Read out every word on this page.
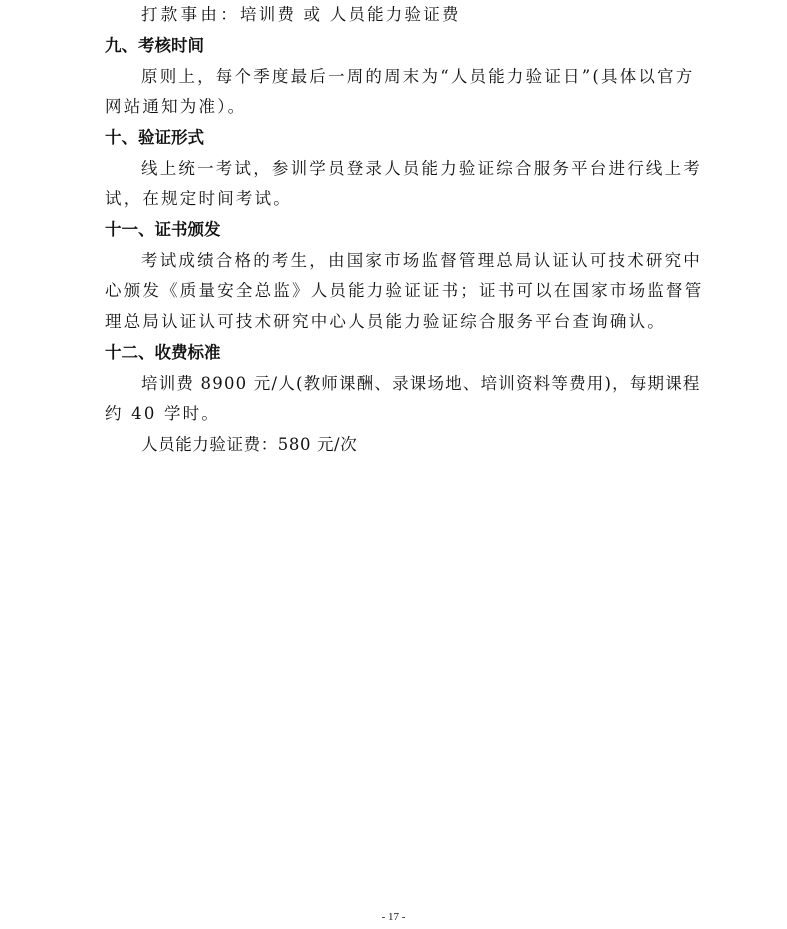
打款事由：培训费 或 人员能力验证费
九、考核时间
原则上，每个季度最后一周的周末为“人员能力验证日”(具体以官方
网站通知为准）。
十、验证形式
线上统一考试，参训学员登录人员能力验证综合服务平台进行线上考
试，在规定时间考试。
十一、证书颁发
考试成绩合格的考生，由国家市场监督管理总局认证认可技术研究中
心颁发《质量安全总监》人员能力验证证书；证书可以在国家市场监督管
理总局认证认可技术研究中心人员能力验证综合服务平台查询确认。
十二、收费标准
培训费 8900 元/人(教师课酬、录课场地、培训资料等费用)，每期课程
约 40 学时。
人员能力验证费：580 元/次
- 17 -
